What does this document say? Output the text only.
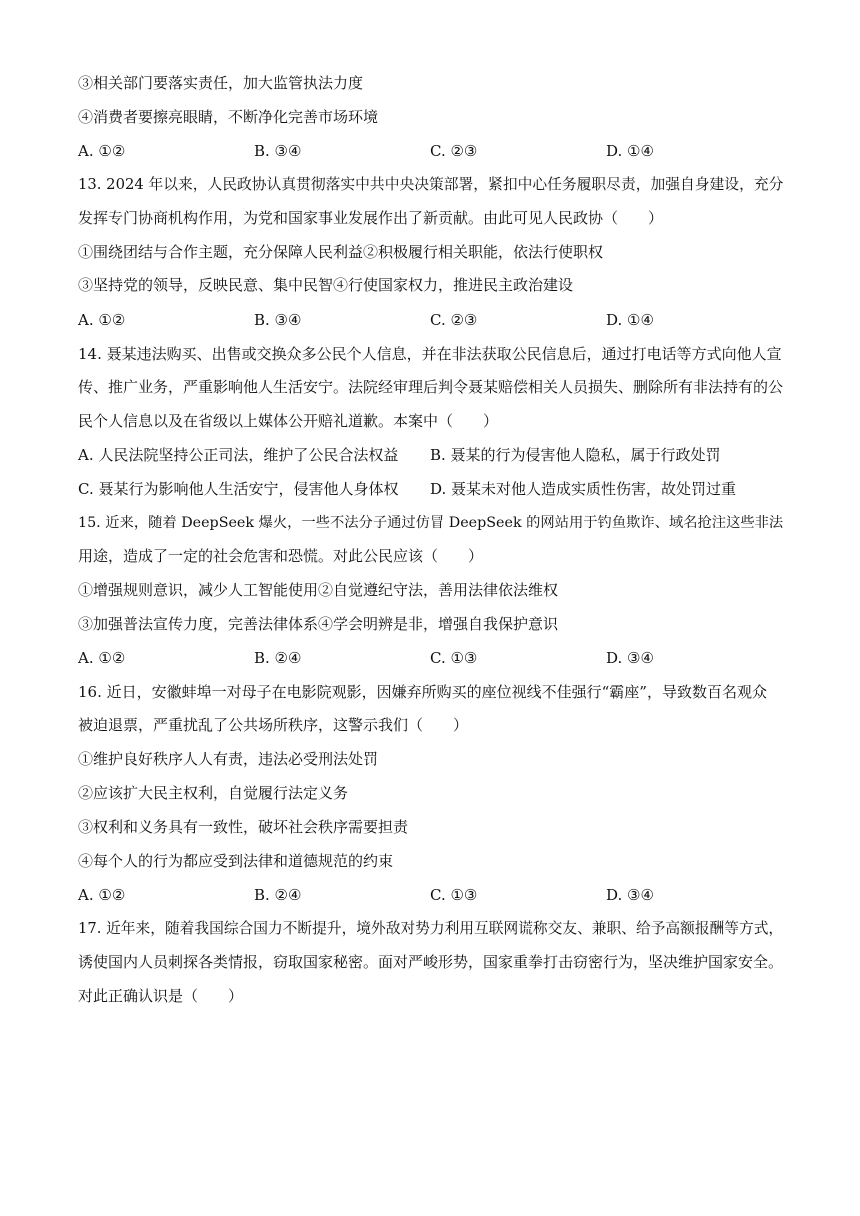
③相关部门要落实责任，加大监管执法力度
④消费者要擦亮眼睛，不断净化完善市场环境
A. ①②	B. ③④	C. ②③	D. ①④
13. 2024 年以来，人民政协认真贯彻落实中共中央决策部署，紧扣中心任务履职尽责，加强自身建设，充分
发挥专门协商机构作用，为党和国家事业发展作出了新贡献。由此可见人民政协（　　）
①围绕团结与合作主题，充分保障人民利益②积极履行相关职能，依法行使职权
③坚持党的领导，反映民意、集中民智④行使国家权力，推进民主政治建设
A. ①②	B. ③④	C. ②③	D. ①④
14. 聂某违法购买、出售或交换众多公民个人信息，并在非法获取公民信息后，通过打电话等方式向他人宣
传、推广业务，严重影响他人生活安宁。法院经审理后判令聂某赔偿相关人员损失、删除所有非法持有的公
民个人信息以及在省级以上媒体公开赔礼道歉。本案中（　　）
A. 人民法院坚持公正司法，维护了公民合法权益 B. 聂某的行为侵害他人隐私，属于行政处罚
C. 聂某行为影响他人生活安宁，侵害他人身体权 D. 聂某未对他人造成实质性伤害，故处罚过重
15. 近来，随着 DeepSeek 爆火，一些不法分子通过仿冒 DeepSeek 的网站用于钓鱼欺诈、域名抢注这些非法
用途，造成了一定的社会危害和恐慌。对此公民应该（　　）
①增强规则意识，减少人工智能使用②自觉遵纪守法，善用法律依法维权
③加强普法宣传力度，完善法律体系④学会明辨是非，增强自我保护意识
A. ①②	B. ②④	C. ①③	D. ③④
16. 近日，安徽蚌埠一对母子在电影院观影，因嫌弃所购买的座位视线不佳强行“霸座”，导致数百名观众
被迫退票，严重扰乱了公共场所秩序，这警示我们（　　）
①维护良好秩序人人有责，违法必受刑法处罚
②应该扩大民主权利，自觉履行法定义务
③权利和义务具有一致性，破坏社会秩序需要担责
④每个人的行为都应受到法律和道德规范的约束
A. ①②	B. ②④	C. ①③	D. ③④
17. 近年来，随着我国综合国力不断提升，境外敌对势力利用互联网谎称交友、兼职、给予高额报酬等方式，
诱使国内人员刺探各类情报，窃取国家秘密。面对严峻形势，国家重拳打击窃密行为，坚决维护国家安全。
对此正确认识是（　　）
